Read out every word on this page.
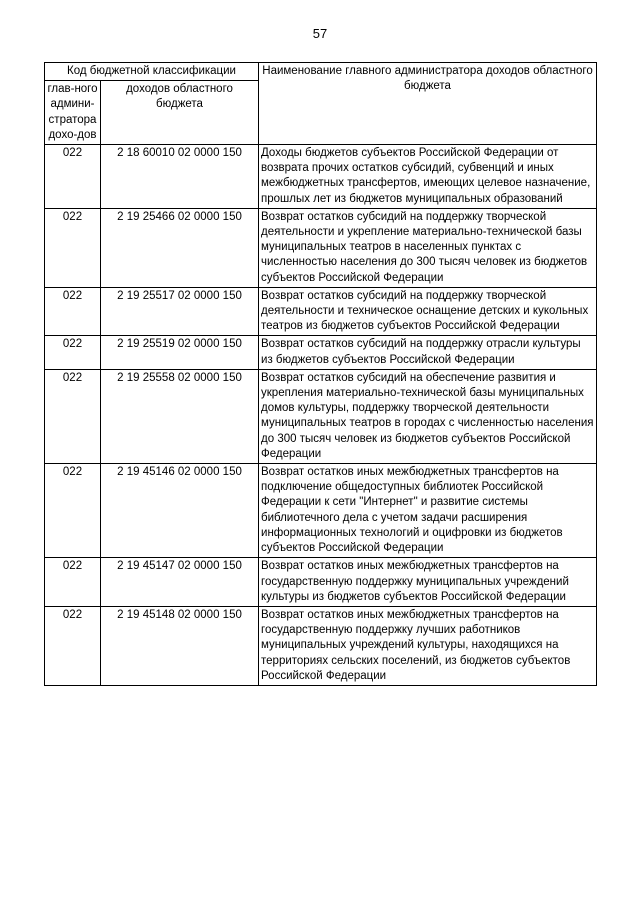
57
Код бюджетной классификации		Наименование главного администратора доходов областного бюджета
глав-ного админи-стратора дохо-дов	доходов областного бюджета	
022	2 18 60010 02 0000 150	Доходы бюджетов субъектов Российской Федерации от возврата прочих остатков субсидий, субвенций и иных межбюджетных трансфертов, имеющих целевое назначение, прошлых лет из бюджетов муниципальных образований
022	2 19 25466 02 0000 150	Возврат остатков субсидий на поддержку творческой деятельности и укрепление материально-технической базы муниципальных театров в населенных пунктах с численностью населения до 300 тысяч человек из бюджетов субъектов Российской Федерации
022	2 19 25517 02 0000 150	Возврат остатков субсидий на поддержку творческой деятельности и техническое оснащение детских и кукольных театров из бюджетов субъектов Российской Федерации
022	2 19 25519 02 0000 150	Возврат остатков субсидий на поддержку отрасли культуры из бюджетов субъектов Российской Федерации
022	2 19 25558 02 0000 150	Возврат остатков субсидий на обеспечение развития и укрепления материально-технической базы муниципальных домов культуры, поддержку творческой деятельности муниципальных театров в городах с численностью населения до 300 тысяч человек из бюджетов субъектов Российской Федерации
022	2 19 45146 02 0000 150	Возврат остатков иных межбюджетных трансфертов на подключение общедоступных библиотек Российской Федерации к сети "Интернет" и развитие системы библиотечного дела с учетом задачи расширения информационных технологий и оцифровки из бюджетов субъектов Российской Федерации
022	2 19 45147 02 0000 150	Возврат остатков иных межбюджетных трансфертов на государственную поддержку муниципальных учреждений культуры из бюджетов субъектов Российской Федерации
022	2 19 45148 02 0000 150	Возврат остатков иных межбюджетных трансфертов на государственную поддержку лучших работников муниципальных учреждений культуры, находящихся на территориях сельских поселений, из бюджетов субъектов Российской Федерации
